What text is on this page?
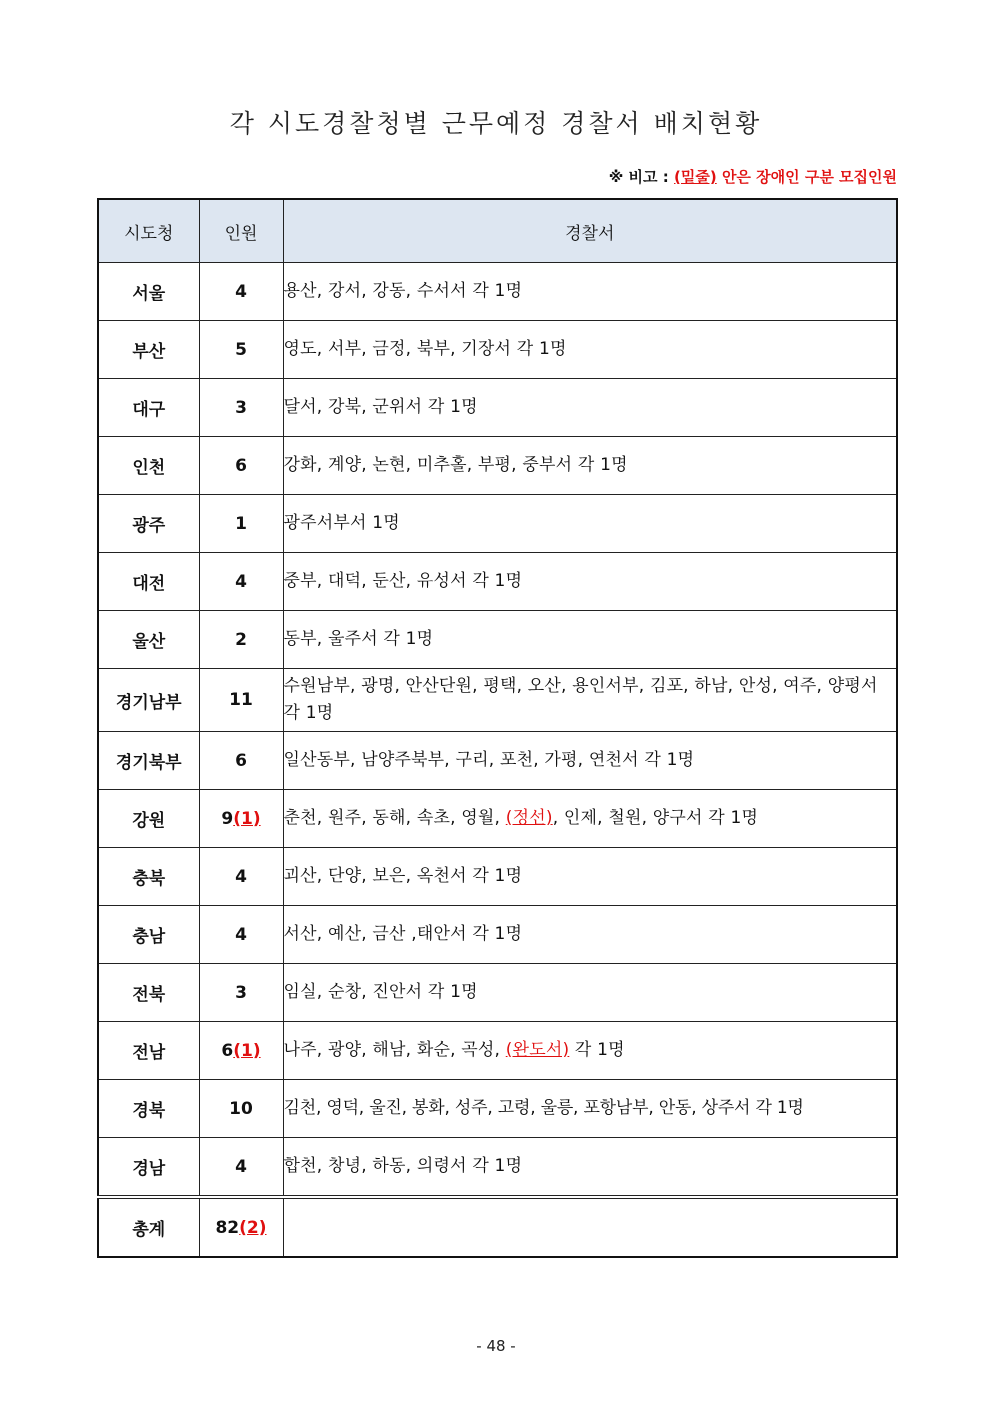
각 시도경찰청별 근무예정 경찰서 배치현황
※ 비고 : (밑줄) 안은 장애인 구분 모집인원
시도청	인원	경찰서
서울	4	용산, 강서, 강동, 수서서 각 1명
부산	5	영도, 서부, 금정, 북부, 기장서 각 1명
대구	3	달서, 강북, 군위서 각 1명
인천	6	강화, 계양, 논현, 미추홀, 부평, 중부서 각 1명
광주	1	광주서부서 1명
대전	4	중부, 대덕, 둔산, 유성서 각 1명
울산	2	동부, 울주서 각 1명
경기남부	11	수원남부, 광명, 안산단원, 평택, 오산, 용인서부, 김포, 하남, 안성, 여주, 양평서 각 1명
경기북부	6	일산동부, 남양주북부, 구리, 포천, 가평, 연천서 각 1명
강원	9(1)	춘천, 원주, 동해, 속초, 영월, (정선), 인제, 철원, 양구서 각 1명
충북	4	괴산, 단양, 보은, 옥천서 각 1명
충남	4	서산, 예산, 금산 ,태안서 각 1명
전북	3	임실, 순창, 진안서 각 1명
전남	6(1)	나주, 광양, 해남, 화순, 곡성, (완도서) 각 1명
경북	10	김천, 영덕, 울진, 봉화, 성주, 고령, 울릉, 포항남부, 안동, 상주서 각 1명
경남	4	합천, 창녕, 하동, 의령서 각 1명
총계	82(2)	
- 48 -
